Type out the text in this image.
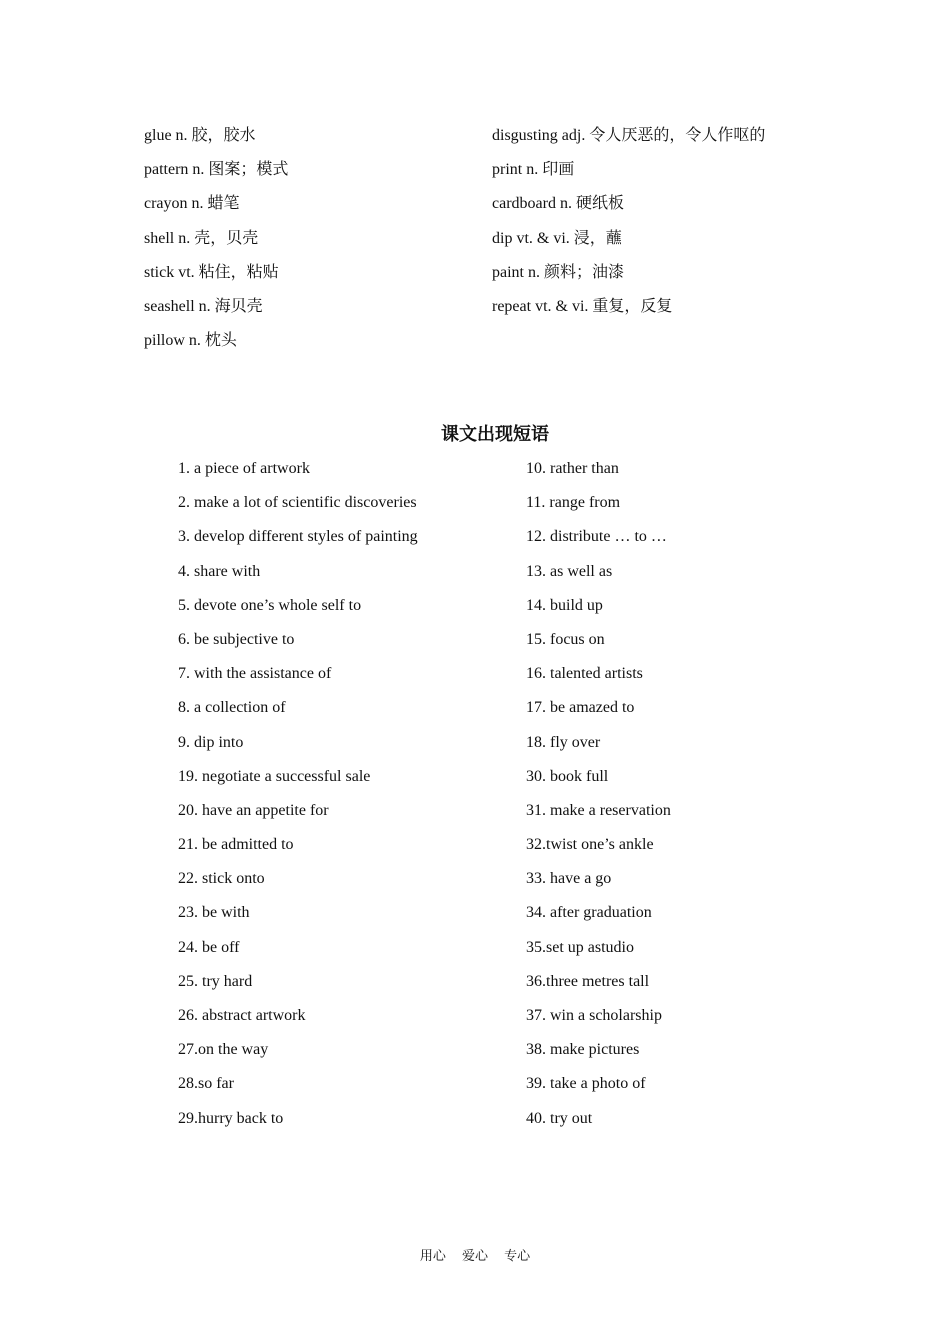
glue n. 胶，胶水
pattern n. 图案；模式
crayon n. 蜡笔
shell n. 壳，贝壳
stick vt. 粘住，粘贴
seashell n. 海贝壳
pillow n. 枕头
disgusting adj. 令人厌恶的，令人作呕的
print n. 印画
cardboard n. 硬纸板
dip vt. & vi. 浸，蘸
paint n. 颜料；油漆
repeat vt. & vi. 重复，反复
课文出现短语
1. a piece of artwork
2. make a lot of scientific discoveries
3. develop different styles of painting
4. share with
5. devote one’s whole self to
6. be subjective to
7. with the assistance of
8. a collection of
9. dip into
19. negotiate a successful sale
20. have an appetite for
21. be admitted to
22. stick onto
23. be with
24. be off
25. try hard
26. abstract artwork
27.on the way
28.so far
29.hurry back to
10. rather than
11. range from
12. distribute … to …
13. as well as
14. build up
15. focus on
16. talented artists
17. be amazed to
18. fly over
30. book full
31. make a reservation
32.twist one’s ankle
33. have a go
34. after graduation
35.set up astudio
36.three metres tall
37. win a scholarship
38. make pictures
39. take a photo of
40. try out
用心 爱心 专心
